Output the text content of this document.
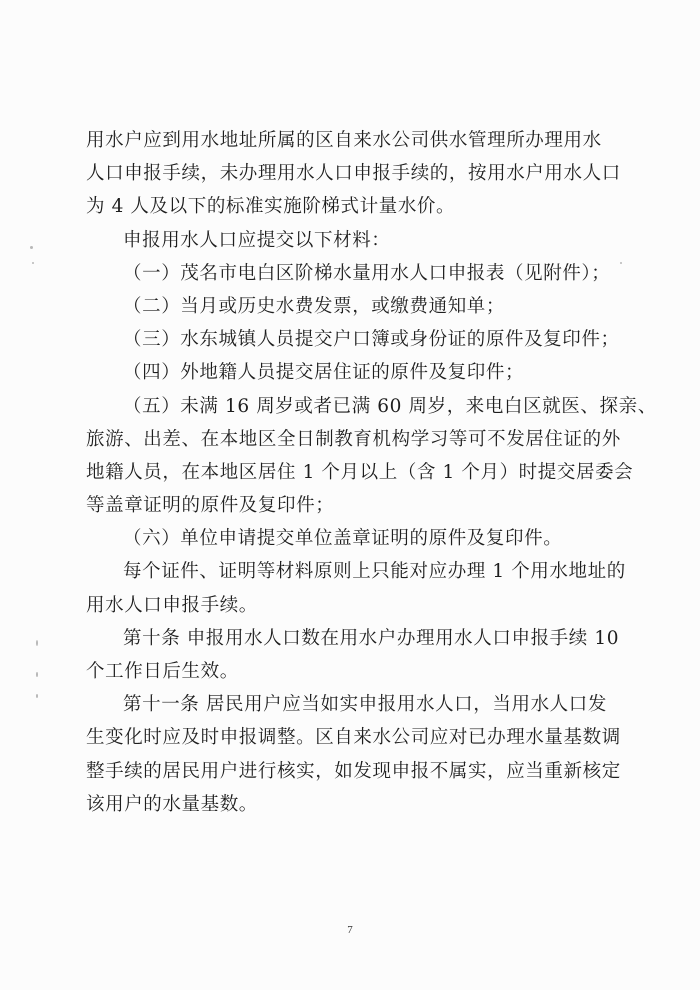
用水户应到用水地址所属的区自来水公司供水管理所办理用水
人口申报手续，未办理用水人口申报手续的，按用水户用水人口
为 4 人及以下的标准实施阶梯式计量水价。
申报用水人口应提交以下材料：
（一）茂名市电白区阶梯水量用水人口申报表（见附件）；
（二）当月或历史水费发票，或缴费通知单；
（三）水东城镇人员提交户口簿或身份证的原件及复印件；
（四）外地籍人员提交居住证的原件及复印件；
（五）未满 16 周岁或者已满 60 周岁，来电白区就医、探亲、
旅游、出差、在本地区全日制教育机构学习等可不发居住证的外
地籍人员，在本地区居住 1 个月以上（含 1 个月）时提交居委会
等盖章证明的原件及复印件；
（六）单位申请提交单位盖章证明的原件及复印件。
每个证件、证明等材料原则上只能对应办理 1 个用水地址的
用水人口申报手续。
第十条 申报用水人口数在用水户办理用水人口申报手续 10
个工作日后生效。
第十一条 居民用户应当如实申报用水人口，当用水人口发
生变化时应及时申报调整。区自来水公司应对已办理水量基数调
整手续的居民用户进行核实，如发现申报不属实，应当重新核定
该用户的水量基数。
7
